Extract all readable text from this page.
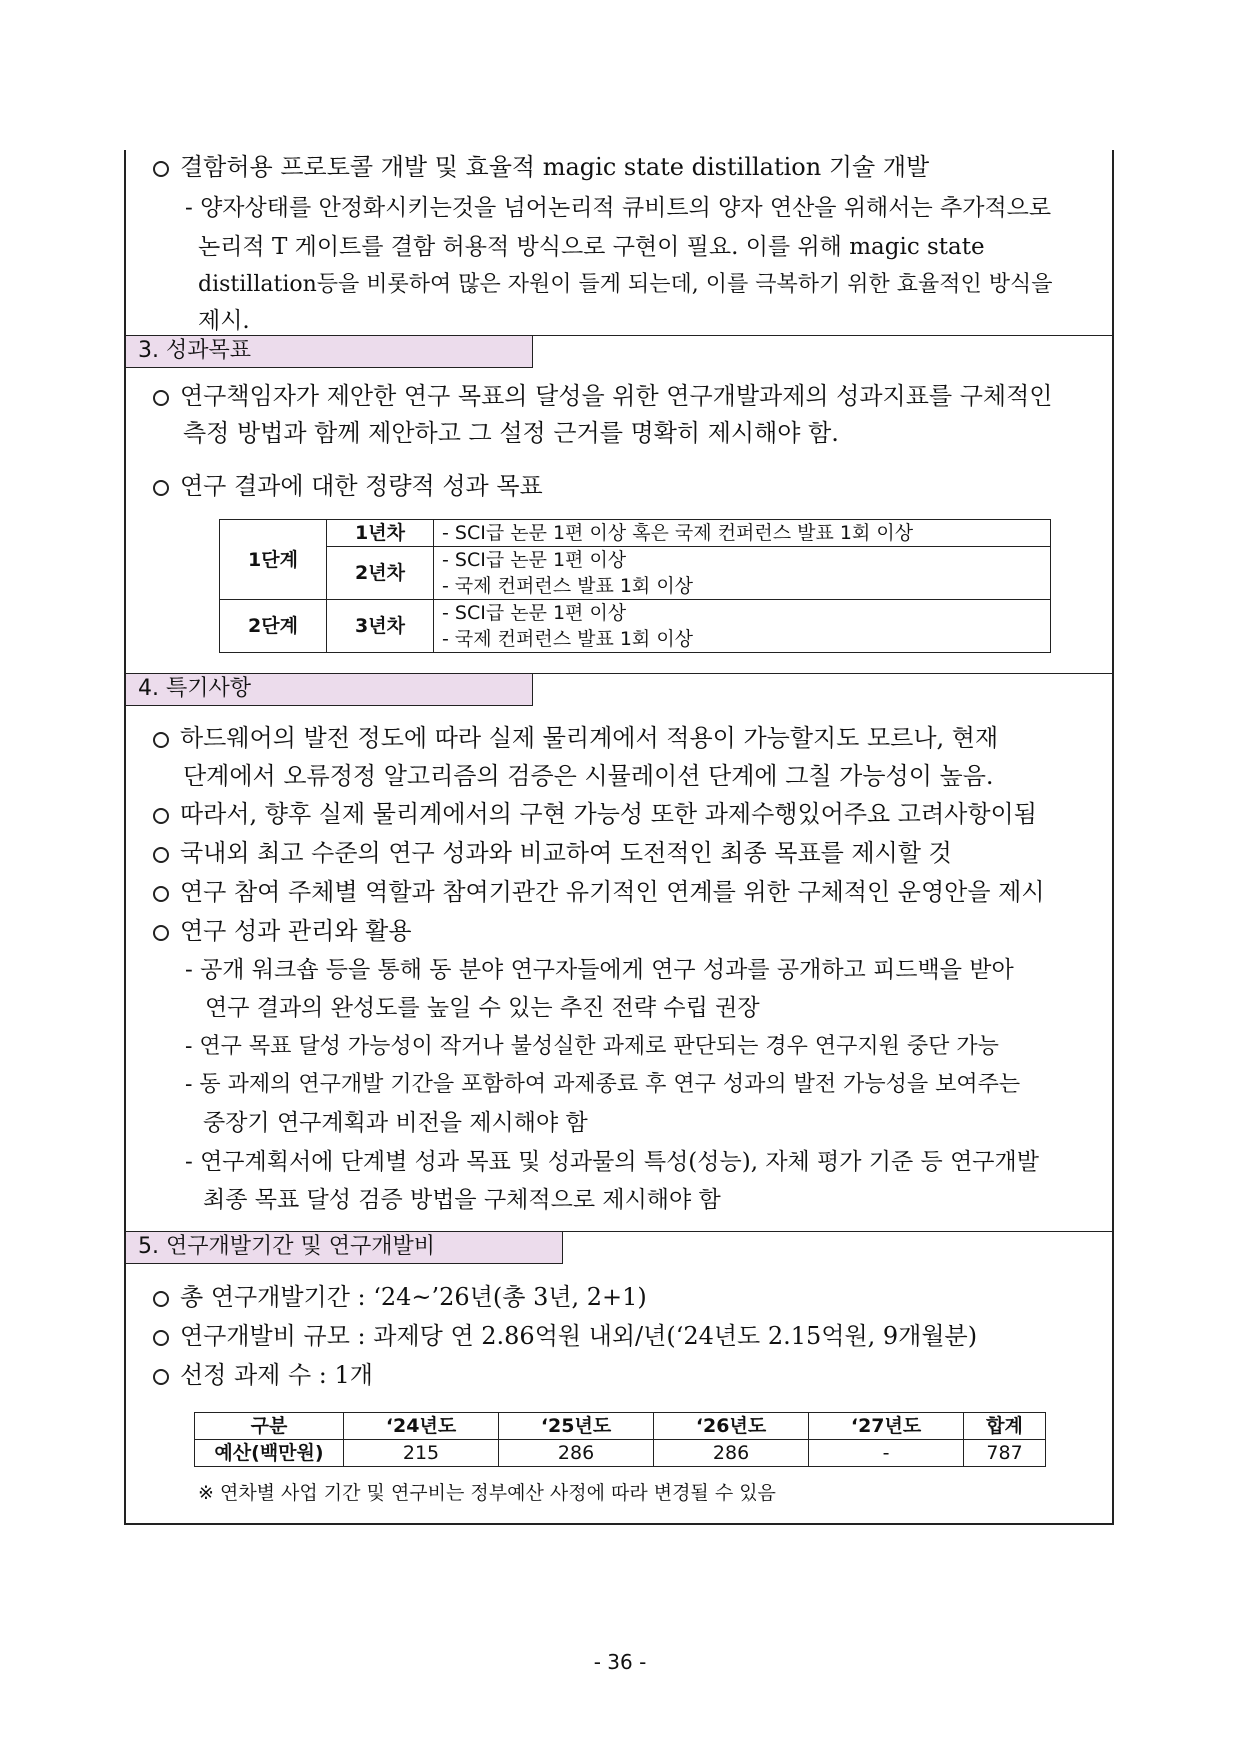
결함허용 프로토콜 개발 및 효율적 magic state distillation 기술 개발
- 양자상태를 안정화시키는것을 넘어논리적 큐비트의 양자 연산을 위해서는 추가적으로
논리적 T 게이트를 결함 허용적 방식으로 구현이 필요. 이를 위해 magic state
distillation등을 비롯하여 많은 자원이 들게 되는데, 이를 극복하기 위한 효율적인 방식을
제시.
3. 성과목표
연구책임자가 제안한 연구 목표의 달성을 위한 연구개발과제의 성과지표를 구체적인
측정 방법과 함께 제안하고 그 설정 근거를 명확히 제시해야 함.
연구 결과에 대한 정량적 성과 목표
1단계	1년차	- SCI급 논문 1편 이상 혹은 국제 컨퍼런스 발표 1회 이상
	2년차	- SCI급 논문 1편 이상
- 국제 컨퍼런스 발표 1회 이상

2단계	3년차	- SCI급 논문 1편 이상
- 국제 컨퍼런스 발표 1회 이상
4. 특기사항
하드웨어의 발전 정도에 따라 실제 물리계에서 적용이 가능할지도 모르나, 현재
단계에서 오류정정 알고리즘의 검증은 시뮬레이션 단계에 그칠 가능성이 높음.
따라서, 향후 실제 물리계에서의 구현 가능성 또한 과제수행있어주요 고려사항이됨
국내외 최고 수준의 연구 성과와 비교하여 도전적인 최종 목표를 제시할 것
연구 참여 주체별 역할과 참여기관간 유기적인 연계를 위한 구체적인 운영안을 제시
연구 성과 관리와 활용
- 공개 워크숍 등을 통해 동 분야 연구자들에게 연구 성과를 공개하고 피드백을 받아
연구 결과의 완성도를 높일 수 있는 추진 전략 수립 권장
- 연구 목표 달성 가능성이 작거나 불성실한 과제로 판단되는 경우 연구지원 중단 가능
- 동 과제의 연구개발 기간을 포함하여 과제종료 후 연구 성과의 발전 가능성을 보여주는
중장기 연구계획과 비전을 제시해야 함
- 연구계획서에 단계별 성과 목표 및 성과물의 특성(성능), 자체 평가 기준 등 연구개발
최종 목표 달성 검증 방법을 구체적으로 제시해야 함
5. 연구개발기간 및 연구개발비
총 연구개발기간 : ‘24~’26년(총 3년, 2+1)
연구개발비 규모 : 과제당 연 2.86억원 내외/년(‘24년도 2.15억원, 9개월분)
선정 과제 수 : 1개
구분	‘24년도	‘25년도	‘26년도	‘27년도	합계
예산(백만원)	215	286	286	-	787
※ 연차별 사업 기간 및 연구비는 정부예산 사정에 따라 변경될 수 있음
- 36 -
